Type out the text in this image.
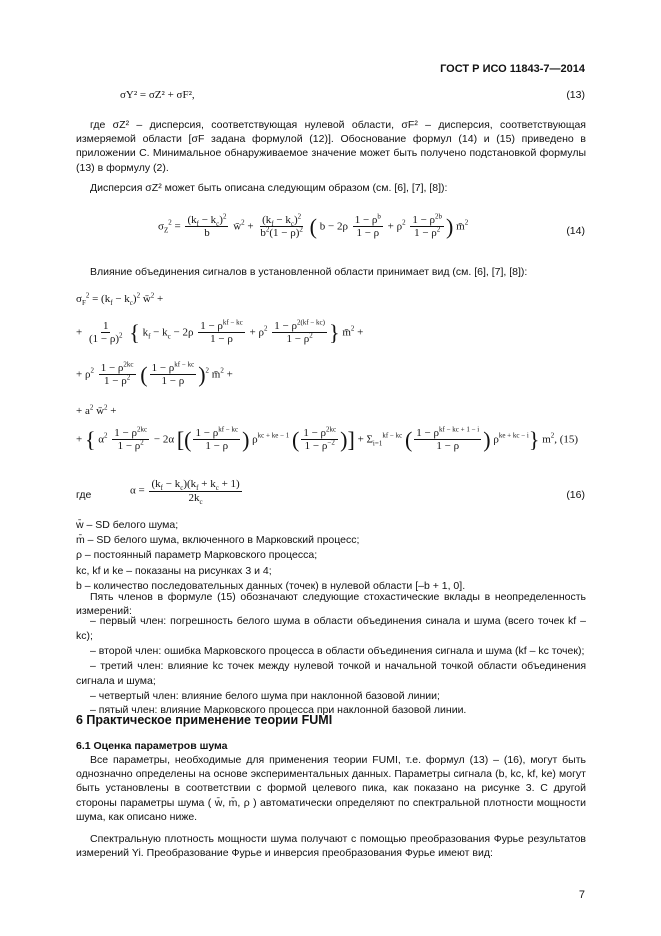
ГОСТ Р ИСО 11843-7—2014
σY² = σZ² + σF²,	(13)
где σZ² – дисперсия, соответствующая нулевой области, σF² – дисперсия, соответствующая измеряемой области [σF задана формулой (12)]. Обоснование формул (14) и (15) приведено в приложении С. Минимальное обнаруживаемое значение может быть получено подстановкой формулы (13) в формулу (2).
Дисперсия σZ² может быть описана следующим образом (см. [6], [7], [8]):
$\sigma_Z^2 = \frac{(k_f - k_c)^2}{b}$ w̄$^2$ + $\frac{(k_f - k_c)^2}{b^2(1 - \rho)^2}$ ( $b - 2\rho \frac{1 - \rho^b}{1 - \rho} + \rho^2 \frac{1 - \rho^{2b}}{1 - \rho^2}$ ) m̄$^2$
(14)
Влияние объединения сигналов в установленной области принимает вид (см. [6], [7], [8]):
$\sigma_F^2 = (k_f - k_c)^2$ w̄$^2$ +
+ $\frac{1}{(1 - \rho)^2}$ { $k_f - k_c - 2\rho \frac{1 - \rho^{kf - kc}}{1 - \rho} + \rho^2 \frac{1 - \rho^{2(kf - kc)}}{1 - \rho^2}$ } m̄$^2$ +
+ $\rho^2 \frac{1 - \rho^{2kc}}{1 - \rho^2}$ ( $\frac{1 - \rho^{kf - kc}}{1 - \rho} )^2$ m̄$^2$ +
+ $a^2$ w̄$^2$ +
+ { $\alpha^2 \frac{1 - \rho^{2kc}}{1 - \rho^2} - 2\alpha$ [( $\frac{1 - \rho^{kf - kc}}{1 - \rho}$ ) $\rho^{kc + ke - 1}$ ( $\frac{1 - \rho^{2kc}}{1 - \rho^{-2}}$ )] + $\Sigma_{i=1}^{kf - kc}$ ( $\frac{1 - \rho^{kf - kc + 1 - i}}{1 - \rho}$ ) $\rho^{ke + kc - i}$} $m^2$, (15)
где	$\alpha = \frac{(k_f - k_c)(k_f + k_c + 1)}{2k_c}$	(16)
w̄ – SD белого шума;
m̄ – SD белого шума, включенного в Марковский процесс;
ρ – постоянный параметр Марковского процесса;
kc, kf и ke – показаны на рисунках 3 и 4;
b – количество последовательных данных (точек) в нулевой области [–b + 1, 0].
Пять членов в формуле (15) обозначают следующие стохастические вклады в неопределенность измерений:
– первый член: погрешность белого шума в области объединения синала и шума (всего точек kf – kc);
– второй член: ошибка Марковского процесса в области объединения сигнала и шума (kf – kc точек);
– третий член: влияние kc точек между нулевой точкой и начальной точкой области объединения сигнала и шума;
– четвертый член: влияние белого шума при наклонной базовой линии;
– пятый член: влияние Марковского процесса при наклонной базовой линии.
6 Практическое применение теории FUMI
6.1 Оценка параметров шума
Все параметры, необходимые для применения теории FUMI, т.е. формул (13) – (16), могут быть однозначно определены на основе экспериментальных данных. Параметры сигнала (b, kc, kf, ke) могут быть установлены в соответствии с формой целевого пика, как показано на рисунке 3. С другой стороны параметры шума ( w̄, m̄, ρ ) автоматически определяют по спектральной плотности мощности шума, как описано ниже.
Спектральную плотность мощности шума получают с помощью преобразования Фурье результатов измерений Yi. Преобразование Фурье и инверсия преобразования Фурье имеют вид:
7
